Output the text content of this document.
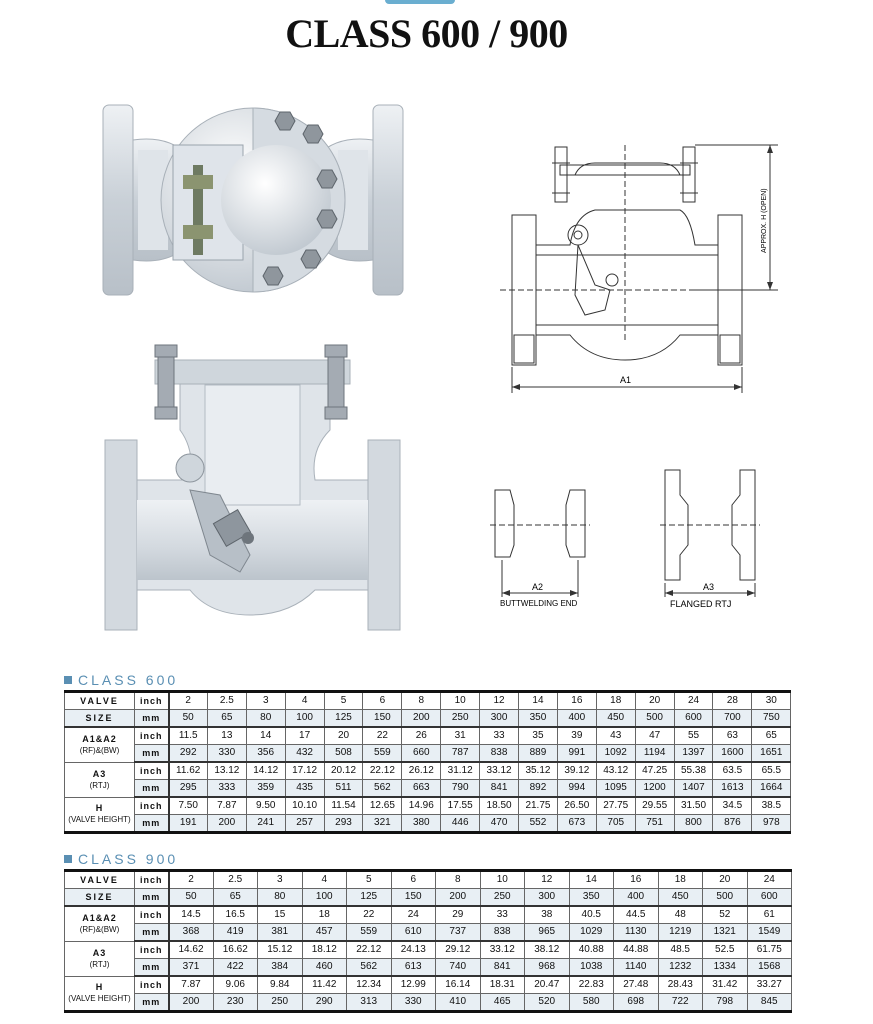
CLASS 600 / 900
APPROX. H (OPEN)
A1
A2
BUTTWELDING END
A3
FLANGED RTJ
CLASS 600
VALVE	inch	2	2.5	3	4	5	6	8	10	12	14	16	18	20	24	28	30
SIZE	mm	50	65	80	100	125	150	200	250	300	350	400	450	500	600	700	750

A1&A2
(RF)&(BW)	inch	11.5	13	14	17	20	22	26	31	33	35	39	43	47	55	63	65
	mm	292	330	356	432	508	559	660	787	838	889	991	1092	1194	1397	1600	1651

A3
(RTJ)	inch	11.62	13.12	14.12	17.12	20.12	22.12	26.12	31.12	33.12	35.12	39.12	43.12	47.25	55.38	63.5	65.5
	mm	295	333	359	435	511	562	663	790	841	892	994	1095	1200	1407	1613	1664

H
(VALVE HEIGHT)	inch	7.50	7.87	9.50	10.10	11.54	12.65	14.96	17.55	18.50	21.75	26.50	27.75	29.55	31.50	34.5	38.5
	mm	191	200	241	257	293	321	380	446	470	552	673	705	751	800	876	978
CLASS 900
VALVE	inch	2	2.5	3	4	5	6	8	10	12	14	16	18	20	24
SIZE	mm	50	65	80	100	125	150	200	250	300	350	400	450	500	600

A1&A2
(RF)&(BW)	inch	14.5	16.5	15	18	22	24	29	33	38	40.5	44.5	48	52	61
	mm	368	419	381	457	559	610	737	838	965	1029	1130	1219	1321	1549

A3
(RTJ)	inch	14.62	16.62	15.12	18.12	22.12	24.13	29.12	33.12	38.12	40.88	44.88	48.5	52.5	61.75
	mm	371	422	384	460	562	613	740	841	968	1038	1140	1232	1334	1568

H
(VALVE HEIGHT)	inch	7.87	9.06	9.84	11.42	12.34	12.99	16.14	18.31	20.47	22.83	27.48	28.43	31.42	33.27
	mm	200	230	250	290	313	330	410	465	520	580	698	722	798	845
